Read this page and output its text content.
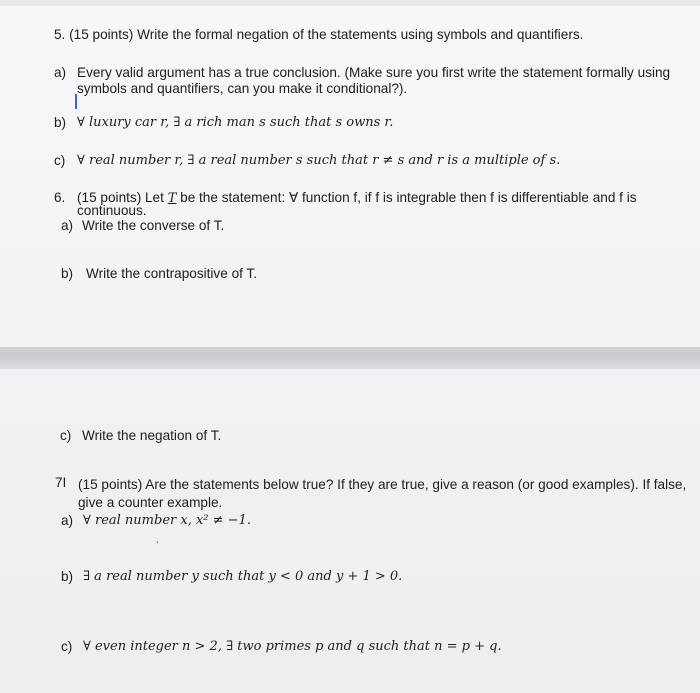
5. (15 points) Write the formal negation of the statements using symbols and quantifiers.
a) Every valid argument has a true conclusion. (Make sure you first write the statement formally using
symbols and quantifiers, can you make it conditional?).
b) ∀ luxury car r, ∃ a rich man s such that s owns r.
c) ∀ real number r, ∃ a real number s such that r ≠ s and r is a multiple of s.
6. (15 points) Let T be the statement: ∀ function f, if f is integrable then f is differentiable and f is
continuous.
a) Write the converse of T.
b) Write the contrapositive of T.
c) Write the negation of T.
7I (15 points) Are the statements below true? If they are true, give a reason (or good examples). If false,
give a counter example.
a) ∀ real number x, x² ≠ −1.
ˎ
b) ∃ a real number y such that y < 0 and y + 1 > 0.
c) ∀ even integer n > 2, ∃ two primes p and q such that n = p + q.
